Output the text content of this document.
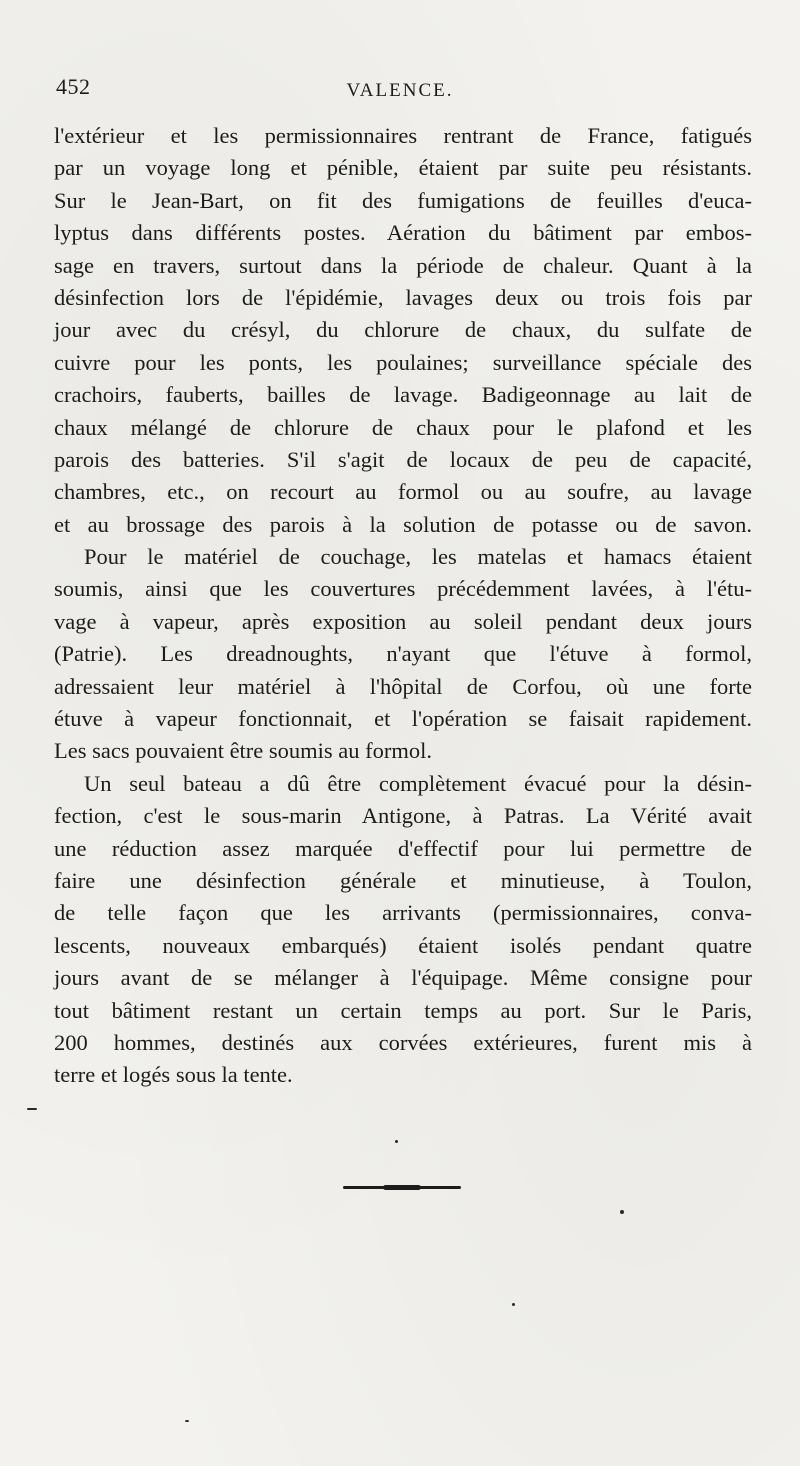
452	VALENCE.

l'extérieur et les permissionnaires rentrant de France, fatigués
par un voyage long et pénible, étaient par suite peu résistants.
Sur le Jean-Bart, on fit des fumigations de feuilles d'euca-
lyptus dans différents postes. Aération du bâtiment par embos-
sage en travers, surtout dans la période de chaleur. Quant à la
désinfection lors de l'épidémie, lavages deux ou trois fois par
jour avec du crésyl, du chlorure de chaux, du sulfate de
cuivre pour les ponts, les poulaines; surveillance spéciale des
crachoirs, fauberts, bailles de lavage. Badigeonnage au lait de
chaux mélangé de chlorure de chaux pour le plafond et les
parois des batteries. S'il s'agit de locaux de peu de capacité,
chambres, etc., on recourt au formol ou au soufre, au lavage
et au brossage des parois à la solution de potasse ou de savon.

Pour le matériel de couchage, les matelas et hamacs étaient
soumis, ainsi que les couvertures précédemment lavées, à l'étu-
vage à vapeur, après exposition au soleil pendant deux jours
(Patrie). Les dreadnoughts, n'ayant que l'étuve à formol,
adressaient leur matériel à l'hôpital de Corfou, où une forte
étuve à vapeur fonctionnait, et l'opération se faisait rapidement.
Les sacs pouvaient être soumis au formol.

Un seul bateau a dû être complètement évacué pour la désin-
fection, c'est le sous-marin Antigone, à Patras. La Vérité avait
une réduction assez marquée d'effectif pour lui permettre de
faire une désinfection générale et minutieuse, à Toulon,
de telle façon que les arrivants (permissionnaires, conva-
lescents, nouveaux embarqués) étaient isolés pendant quatre
jours avant de se mélanger à l'équipage. Même consigne pour
tout bâtiment restant un certain temps au port. Sur le Paris,
200 hommes, destinés aux corvées extérieures, furent mis à
terre et logés sous la tente.
